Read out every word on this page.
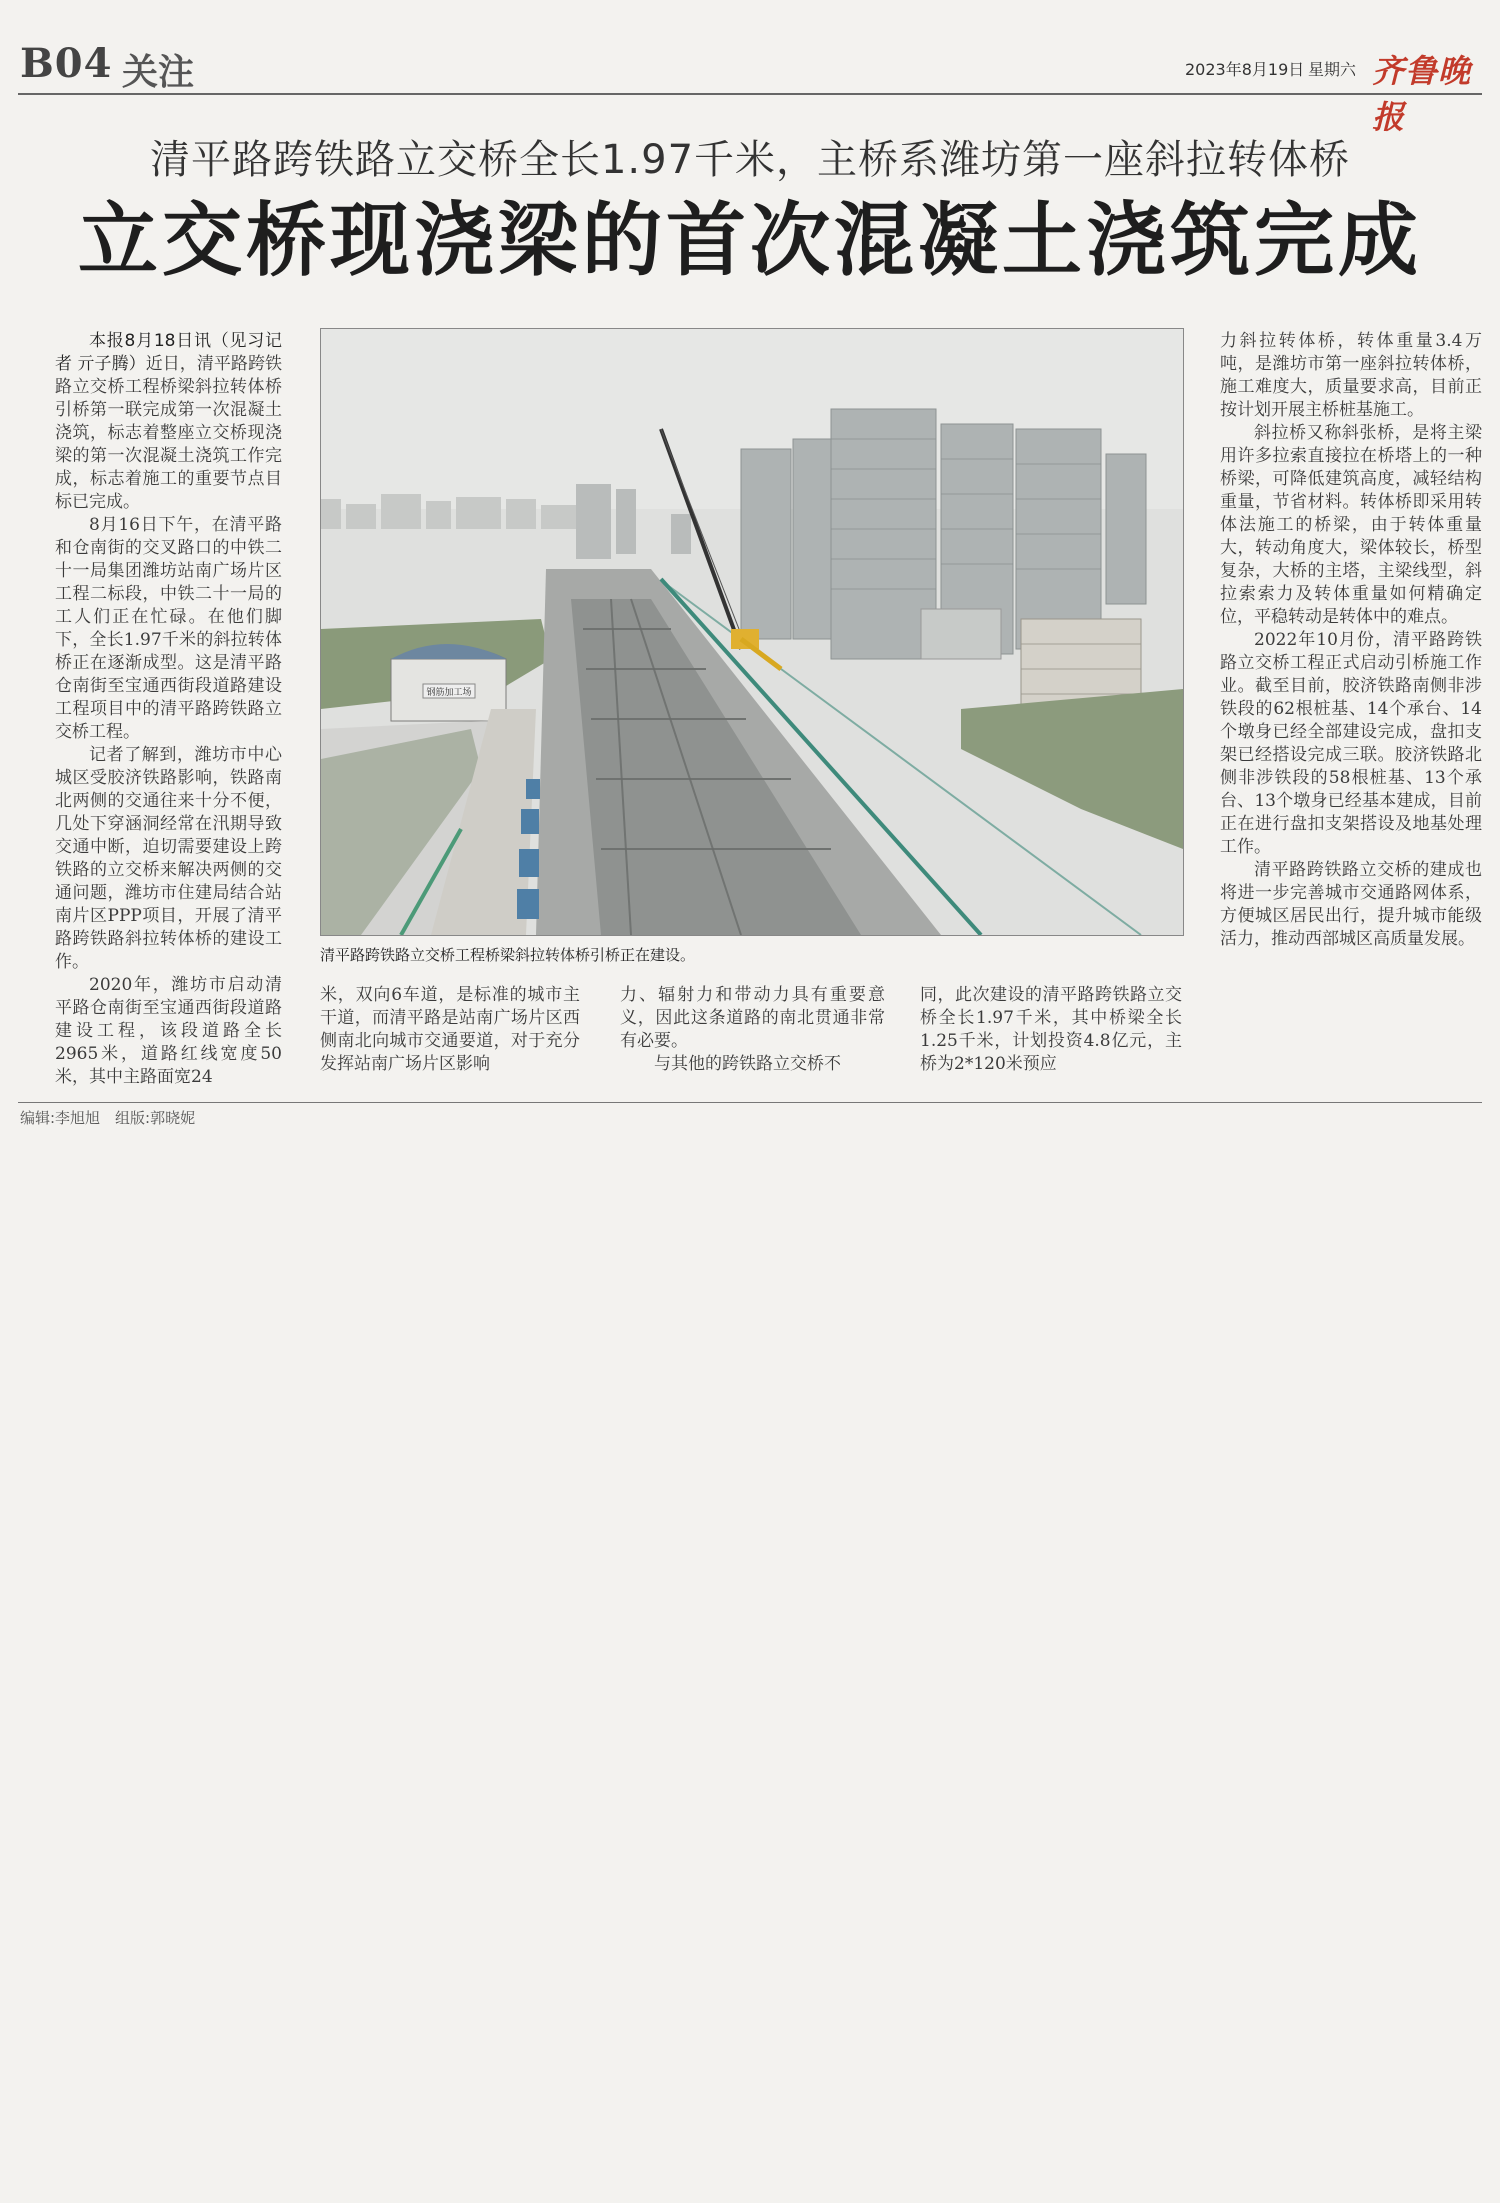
B04 关注	2023年8月19日 星期六 齐鲁晚报
清平路跨铁路立交桥全长1.97千米，主桥系潍坊第一座斜拉转体桥
立交桥现浇梁的首次混凝土浇筑完成

本报8月18日讯（见习记者 亓子腾）近日，清平路跨铁路立交桥工程桥梁斜拉转体桥引桥第一联完成第一次混凝土浇筑，标志着整座立交桥现浇梁的第一次混凝土浇筑工作完成，标志着施工的重要节点目标已完成。

8月16日下午，在清平路和仓南街的交叉路口的中铁二十一局集团潍坊站南广场片区工程二标段，中铁二十一局的工人们正在忙碌。在他们脚下，全长1.97千米的斜拉转体桥正在逐渐成型。这是清平路仓南街至宝通西街段道路建设工程项目中的清平路跨铁路立交桥工程。

记者了解到，潍坊市中心城区受胶济铁路影响，铁路南北两侧的交通往来十分不便，几处下穿涵洞经常在汛期导致交通中断，迫切需要建设上跨铁路的立交桥来解决两侧的交通问题，潍坊市住建局结合站南片区PPP项目，开展了清平路跨铁路斜拉转体桥的建设工作。

2020年，潍坊市启动清平路仓南街至宝通西街段道路建设工程，该段道路全长2965米，道路红线宽度50米，其中主路面宽24

米，双向6车道，是标准的城市主干道，而清平路是站南广场片区西侧南北向城市交通要道，对于充分发挥站南广场片区影响

力、辐射力和带动力具有重要意义，因此这条道路的南北贯通非常有必要。

与其他的跨铁路立交桥不

同，此次建设的清平路跨铁路立交桥全长1.97千米，其中桥梁全长1.25千米，计划投资4.8亿元，主桥为2*120米预应

力斜拉转体桥，转体重量3.4万吨，是潍坊市第一座斜拉转体桥，施工难度大，质量要求高，目前正按计划开展主桥桩基施工。

斜拉桥又称斜张桥，是将主梁用许多拉索直接拉在桥塔上的一种桥梁，可降低建筑高度，减轻结构重量，节省材料。转体桥即采用转体法施工的桥梁，由于转体重量大，转动角度大，梁体较长，桥型复杂，大桥的主塔，主梁线型，斜拉索索力及转体重量如何精确定位，平稳转动是转体中的难点。

2022年10月份，清平路跨铁路立交桥工程正式启动引桥施工作业。截至目前，胶济铁路南侧非涉铁段的62根桩基、14个承台、14个墩身已经全部建设完成，盘扣支架已经搭设完成三联。胶济铁路北侧非涉铁段的58根桩基、13个承台、13个墩身已经基本建成，目前正在进行盘扣支架搭设及地基处理工作。

清平路跨铁路立交桥的建成也将进一步完善城市交通路网体系，方便城区居民出行，提升城市能级活力，推动西部城区高质量发展。

钢筋加工场
清平路跨铁路立交桥工程桥梁斜拉转体桥引桥正在建设。
编辑:李旭旭　组版:郭晓妮
